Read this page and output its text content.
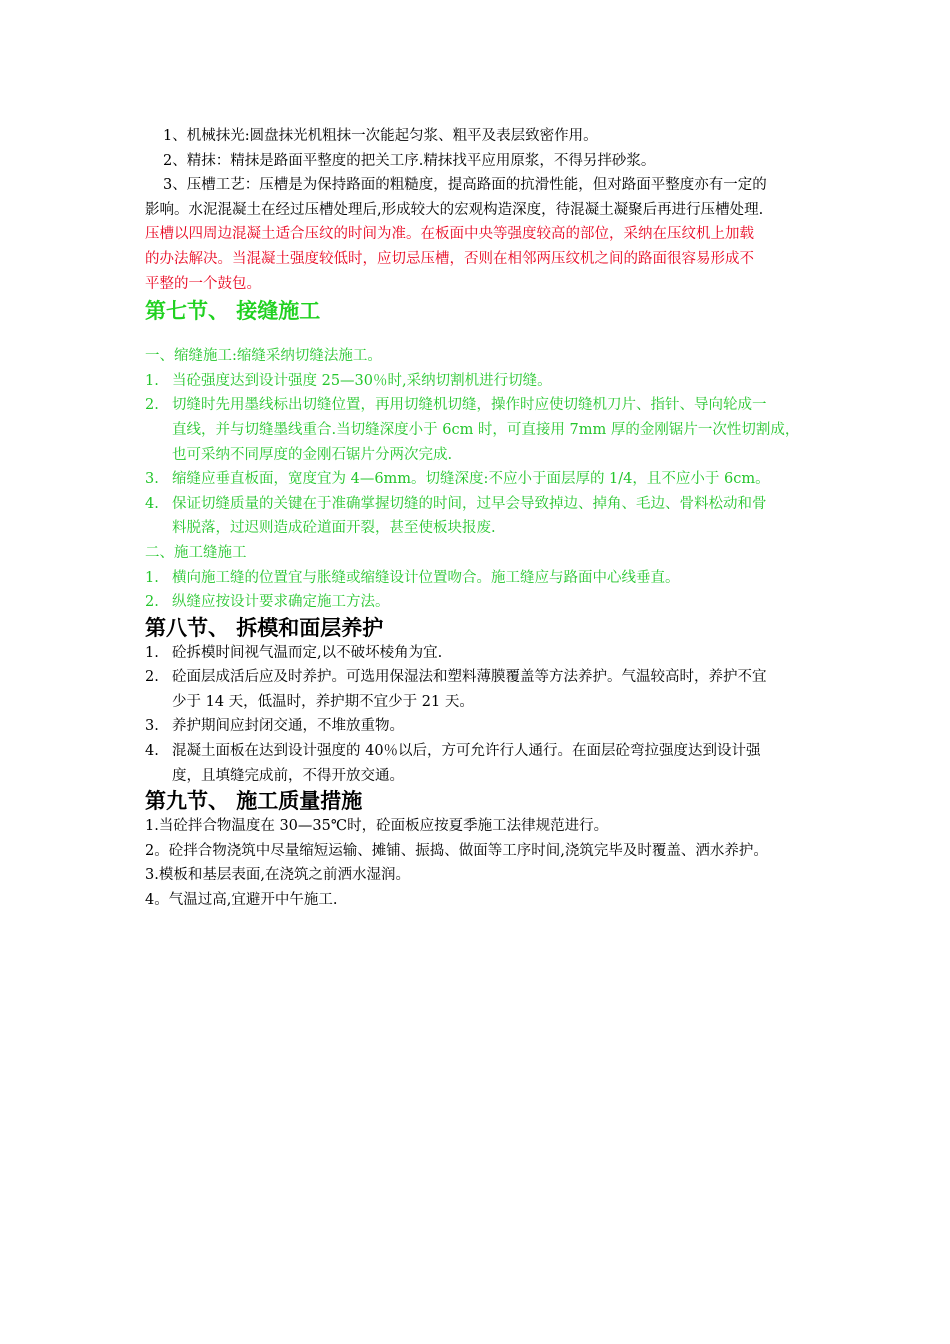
1、机械抹光:圆盘抹光机粗抹一次能起匀浆、粗平及表层致密作用。

2、精抹：精抹是路面平整度的把关工序.精抹找平应用原浆，不得另拌砂浆。

3、压槽工艺：压槽是为保持路面的粗糙度，提高路面的抗滑性能，但对路面平整度亦有一定的

影响。水泥混凝土在经过压槽处理后,形成较大的宏观构造深度，待混凝土凝聚后再进行压槽处理.

压槽以四周边混凝土适合压纹的时间为准。在板面中央等强度较高的部位，采纳在压纹机上加载

的办法解决。当混凝土强度较低时，应切忌压槽，否则在相邻两压纹机之间的路面很容易形成不

平整的一个鼓包。

第七节、 接缝施工

一、缩缝施工:缩缝采纳切缝法施工。

1. 当砼强度达到设计强度 25—30％时,采纳切割机进行切缝。

2. 切缝时先用墨线标出切缝位置，再用切缝机切缝，操作时应使切缝机刀片、指针、导向轮成一

直线，并与切缝墨线重合.当切缝深度小于 6cm 时，可直接用 7mm 厚的金刚锯片一次性切割成，

也可采纳不同厚度的金刚石锯片分两次完成.

3. 缩缝应垂直板面，宽度宜为 4—6mm。切缝深度:不应小于面层厚的 1/4，且不应小于 6cm。

4. 保证切缝质量的关键在于准确掌握切缝的时间，过早会导致掉边、掉角、毛边、骨料松动和骨

料脱落，过迟则造成砼道面开裂，甚至使板块报废.

二、施工缝施工

1. 横向施工缝的位置宜与胀缝或缩缝设计位置吻合。施工缝应与路面中心线垂直。

2. 纵缝应按设计要求确定施工方法。

第八节、 拆模和面层养护
1. 砼拆模时间视气温而定,以不破坏棱角为宜.

2. 砼面层成活后应及时养护。可选用保湿法和塑料薄膜覆盖等方法养护。气温较高时，养护不宜

少于 14 天，低温时，养护期不宜少于 21 天。

3. 养护期间应封闭交通，不堆放重物。

4. 混凝土面板在达到设计强度的 40％以后，方可允许行人通行。在面层砼弯拉强度达到设计强

度，且填缝完成前，不得开放交通。

第九节、 施工质量措施

1.当砼拌合物温度在 30—35℃时，砼面板应按夏季施工法律规范进行。

2。砼拌合物浇筑中尽量缩短运输、摊铺、振捣、做面等工序时间,浇筑完毕及时覆盖、洒水养护。

3.模板和基层表面,在浇筑之前洒水湿润。

4。气温过高,宜避开中午施工.
